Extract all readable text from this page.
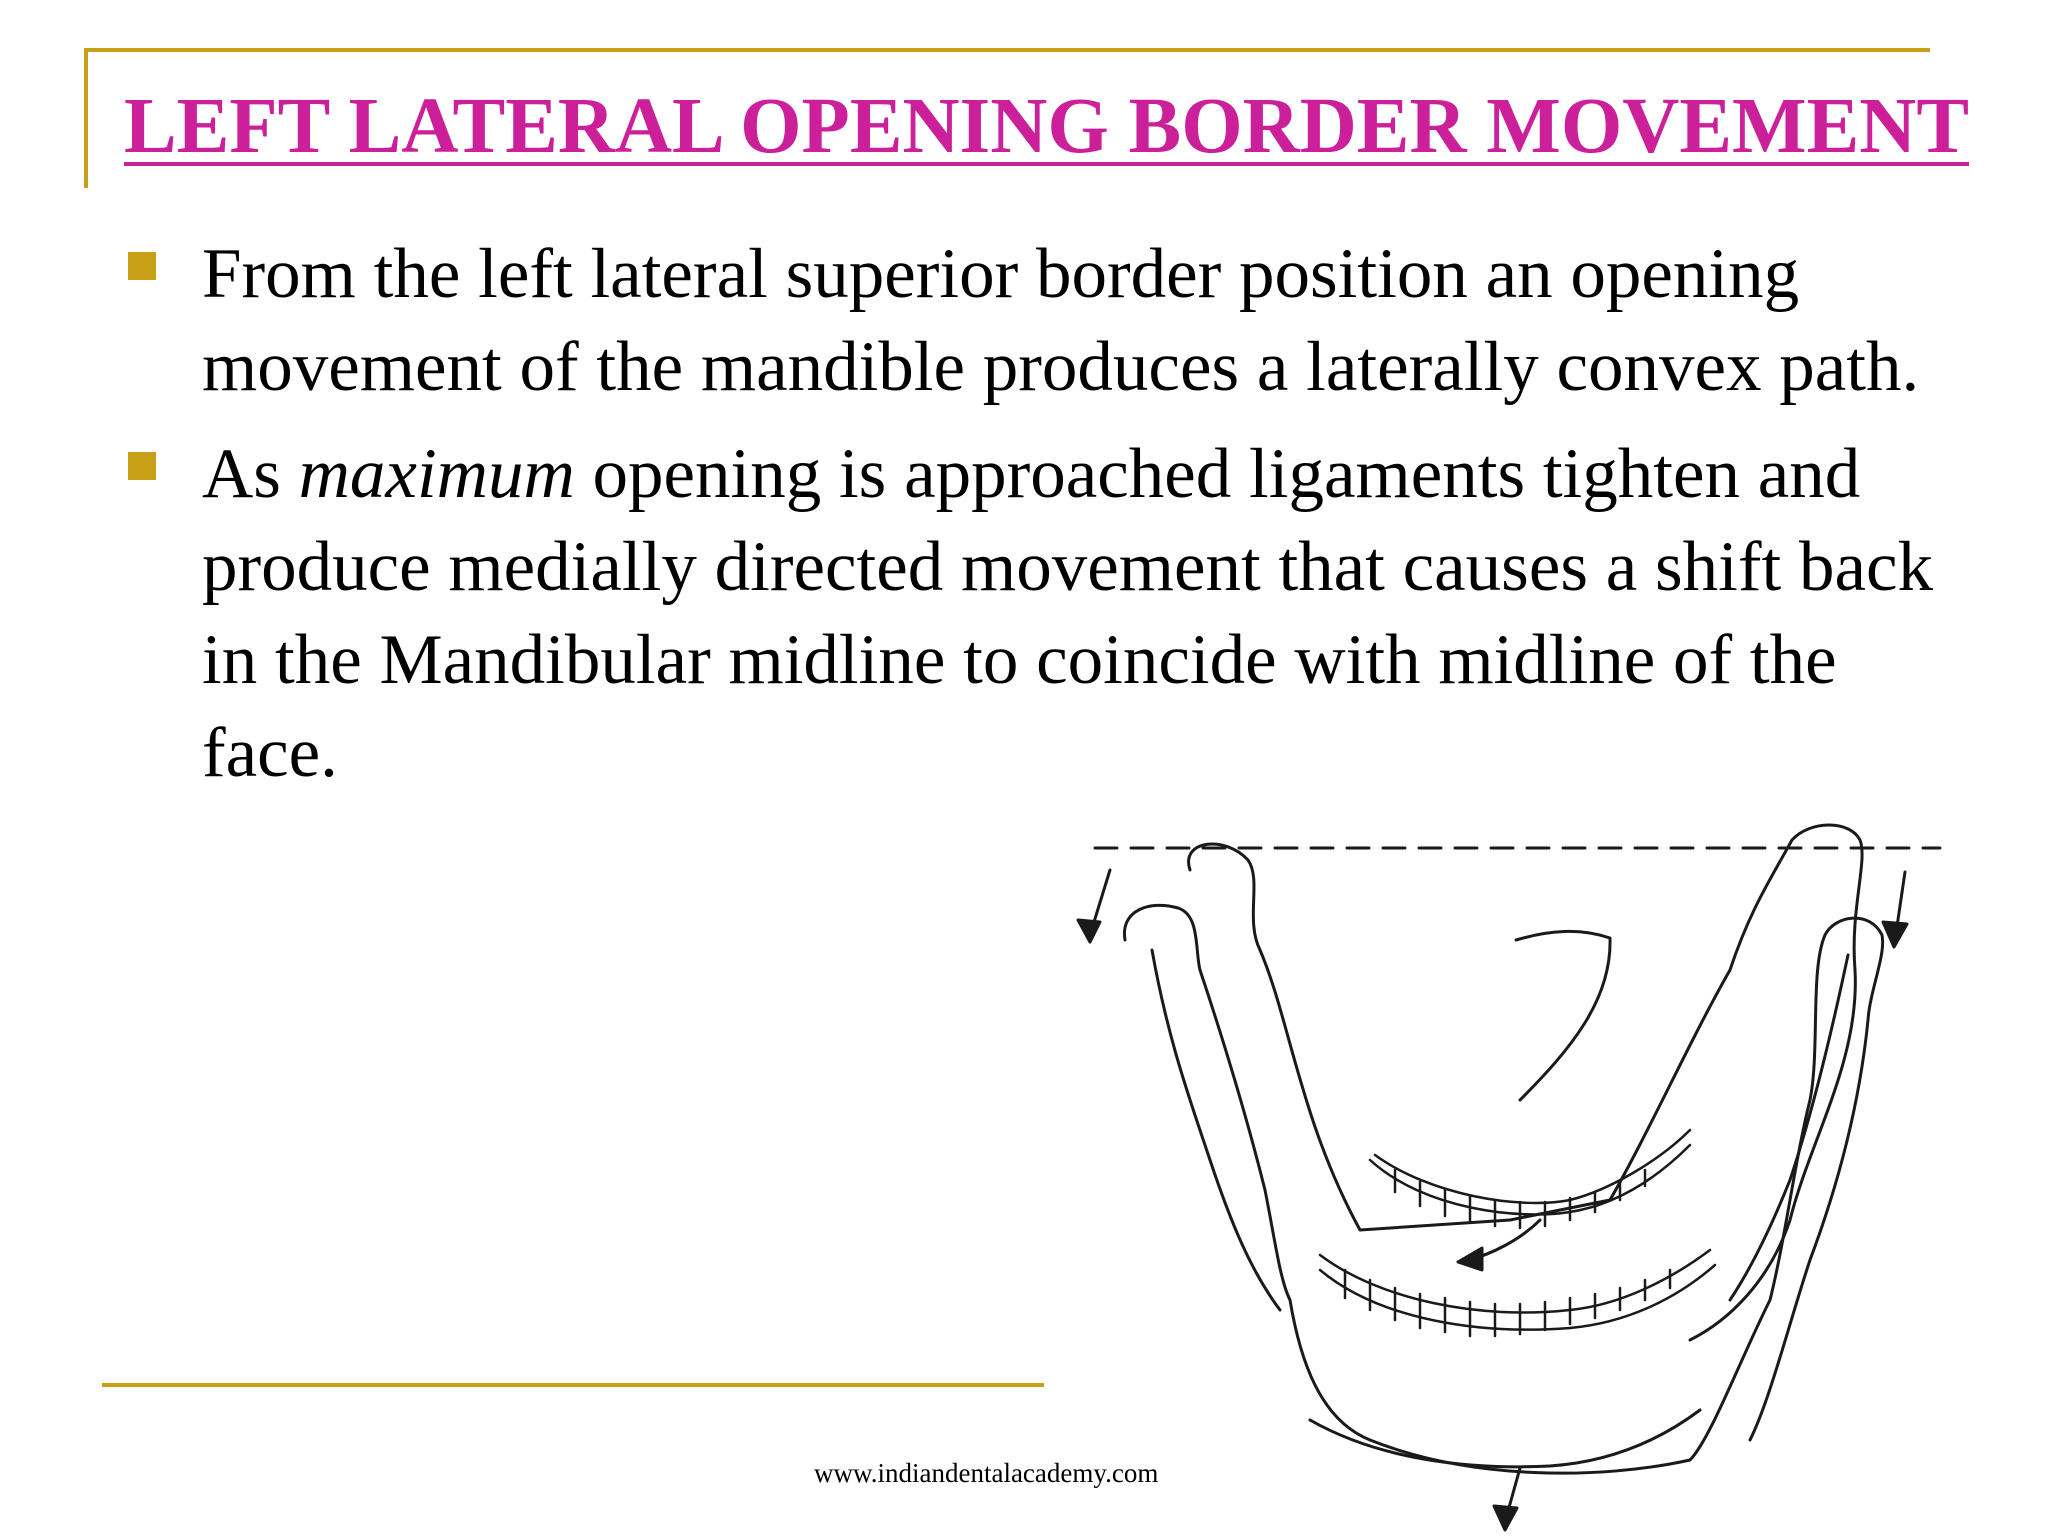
LEFT LATERAL OPENING BORDER MOVEMENT
From the left lateral superior border position an opening movement of the mandible produces a laterally convex path.
As maximum opening is approached ligaments tighten and produce medially directed movement that causes a shift back in the Mandibular midline to coincide with midline of the face.
www.indiandentalacademy.com
